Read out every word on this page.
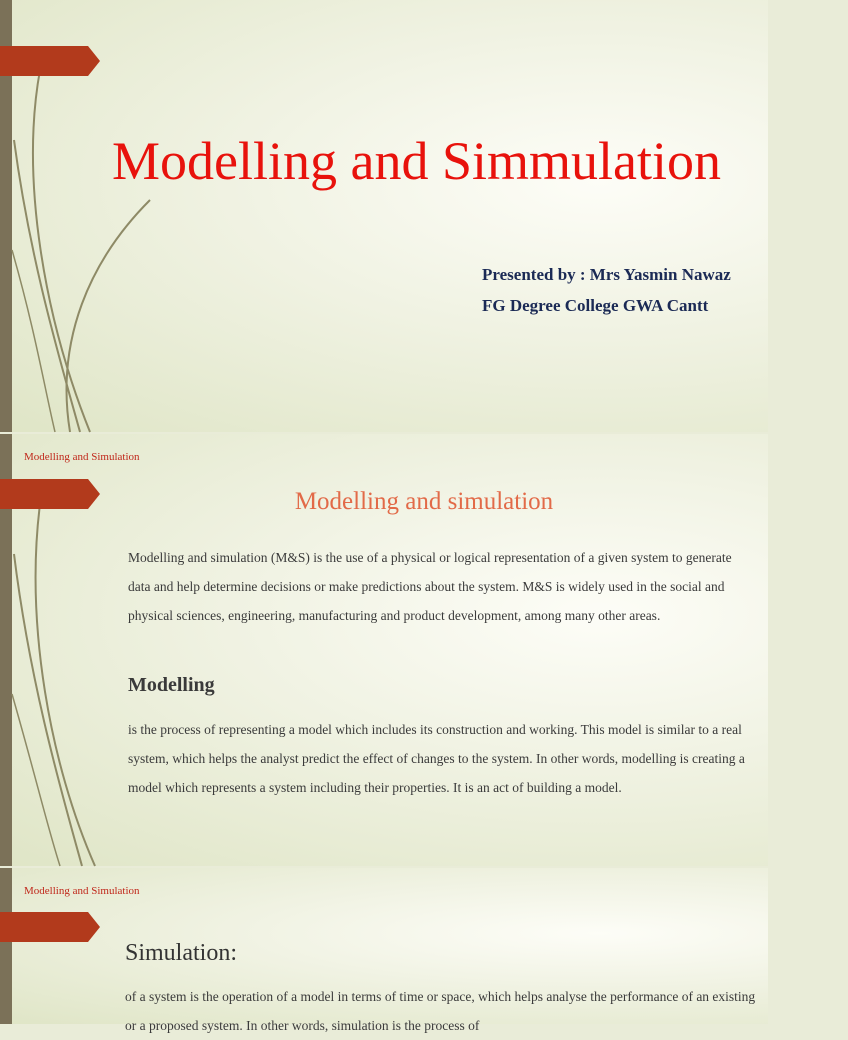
Modelling and Simmulation
Presented by : Mrs Yasmin Nawaz
FG Degree College GWA Cantt
Modelling and Simulation
Modelling and simulation

Modelling and simulation (M&S) is the use of a physical or logical representation of a given system to generate data and help determine decisions or make predictions about the system. M&S is widely used in the social and physical sciences, engineering, manufacturing and product development, among many other areas.

Modelling

is the process of representing a model which includes its construction and working. This model is similar to a real system, which helps the analyst predict the effect of changes to the system. In other words, modelling is creating a model which represents a system including their properties. It is an act of building a model.

Modelling and Simulation
Simulation:

of a system is the operation of a model in terms of time or space, which helps analyse the performance of an existing or a proposed system. In other words, simulation is the process of
